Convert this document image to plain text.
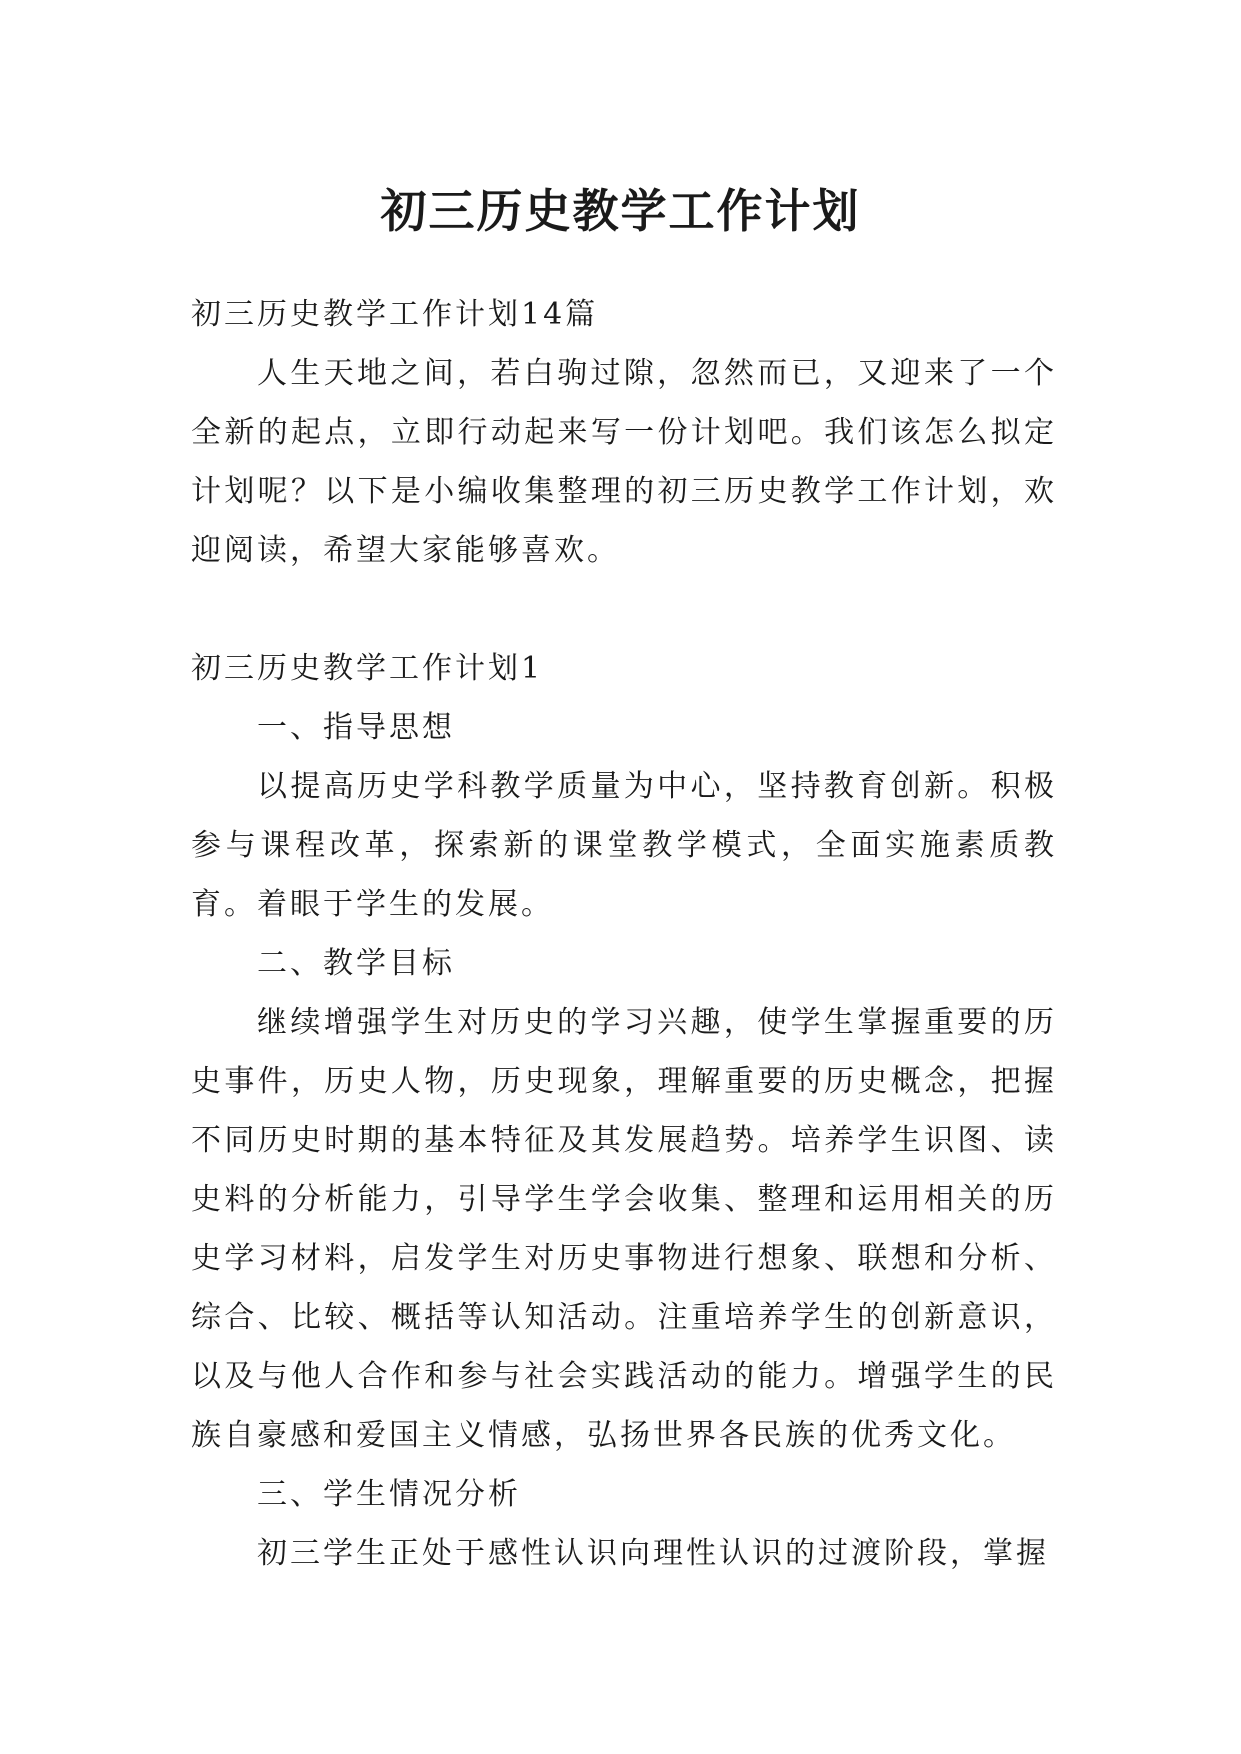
初三历史教学工作计划

初三历史教学工作计划14篇

人生天地之间，若白驹过隙，忽然而已，又迎来了一个全新的起点，立即行动起来写一份计划吧。我们该怎么拟定计划呢？以下是小编收集整理的初三历史教学工作计划，欢迎阅读，希望大家能够喜欢。

初三历史教学工作计划1

一、指导思想

以提高历史学科教学质量为中心，坚持教育创新。积极参与课程改革，探索新的课堂教学模式，全面实施素质教育。着眼于学生的发展。

二、教学目标

继续增强学生对历史的学习兴趣，使学生掌握重要的历史事件，历史人物，历史现象，理解重要的历史概念，把握不同历史时期的基本特征及其发展趋势。培养学生识图、读史料的分析能力，引导学生学会收集、整理和运用相关的历史学习材料，启发学生对历史事物进行想象、联想和分析、综合、比较、概括等认知活动。注重培养学生的创新意识，以及与他人合作和参与社会实践活动的能力。增强学生的民族自豪感和爱国主义情感，弘扬世界各民族的优秀文化。

三、学生情况分析

初三学生正处于感性认识向理性认识的过渡阶段，掌握
